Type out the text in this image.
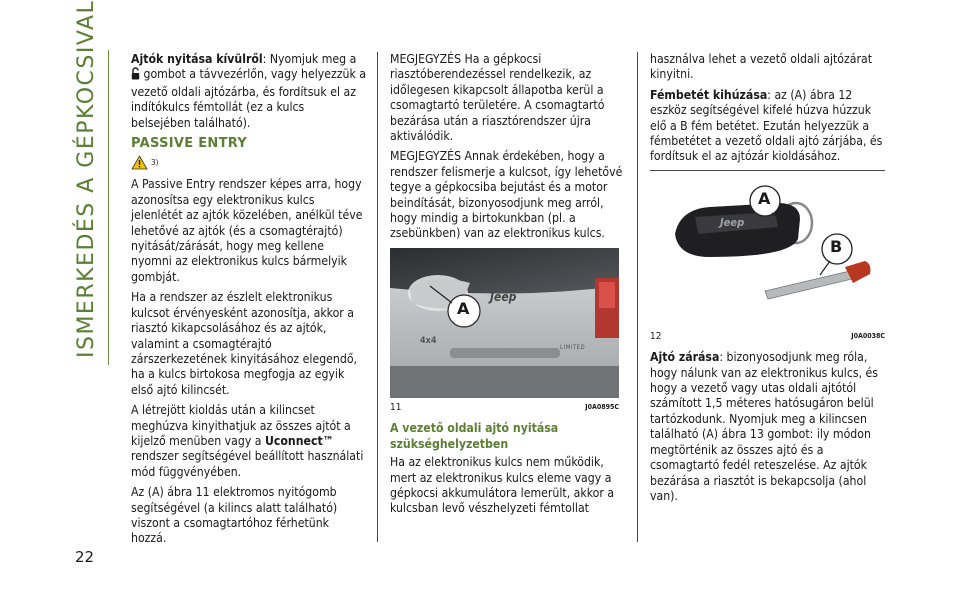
ISMERKEDÉS A GÉPKOCSIVAL
22

Ajtók nyitása kívülről: Nyomjuk meg a  gombot a távvezérlőn, vagy helyezzük a vezető oldali ajtózárba, és fordítsuk el az indítókulcs fémtollát (ez a kulcs belsejében található).

PASSIVE ENTRY
3)

A Passive Entry rendszer képes arra, hogy azonosítsa egy elektronikus kulcs jelenlétét az ajtók közelében, anélkül téve lehetővé az ajtók (és a csomagtérajtó) nyitását/zárását, hogy meg kellene nyomni az elektronikus kulcs bármelyik gombját.

Ha a rendszer az észlelt elektronikus kulcsot érvényesként azonosítja, akkor a riasztó kikapcsolásához és az ajtók, valamint a csomagtérajtó zárszerkezetének kinyitásához elegendő, ha a kulcs birtokosa megfogja az egyik első ajtó kilincsét.

A létrejött kioldás után a kilincset meghúzva kinyithatjuk az összes ajtót a kijelző menüben vagy a Uconnect™ rendszer segítségével beállított használati mód függvényében.

Az (A) ábra 11 elektromos nyitógomb segítségével (a kilincs alatt található) viszont a csomagtartóhoz férhetünk hozzá.

MEGJEGYZÉS Ha a gépkocsi riasztóberendezéssel rendelkezik, az időlegesen kikapcsolt állapotba kerül a csomagtartó területére. A csomagtartó bezárása után a riasztórendszer újra aktiválódik.

MEGJEGYZÉS Annak érdekében, hogy a rendszer felismerje a kulcsot, így lehetővé tegye a gépkocsiba bejutást és a motor beindítását, bizonyosodjunk meg arról, hogy mindig a birtokunkban (pl. a zsebünkben) van az elektronikus kulcs.

A
Jeep
4x4
LIMITED
11	J0A0895C
A vezető oldali ajtó nyitása szükséghelyzetben

Ha az elektronikus kulcs nem működik, mert az elektronikus kulcs eleme vagy a gépkocsi akkumulátora lemerült, akkor a kulcsban levő vészhelyzeti fémtollat

használva lehet a vezető oldali ajtózárat kinyitni.

Fémbetét kihúzása: az (A) ábra 12 eszköz segítségével kifelé húzva húzzuk elő a B fém betétet. Ezután helyezzük a fémbetétet a vezető oldali ajtó zárjába, és fordítsuk el az ajtózár kioldásához.

Jeep
A
B
12	J0A0038C

Ajtó zárása: bizonyosodjunk meg róla, hogy nálunk van az elektronikus kulcs, és hogy a vezető vagy utas oldali ajtótól számított 1,5 méteres hatósugáron belül tartózkodunk. Nyomjuk meg a kilincsen található (A) ábra 13 gombot: ily módon megtörténik az összes ajtó és a csomagtartó fedél reteszelése. Az ajtók bezárása a riasztót is bekapcsolja (ahol van).
